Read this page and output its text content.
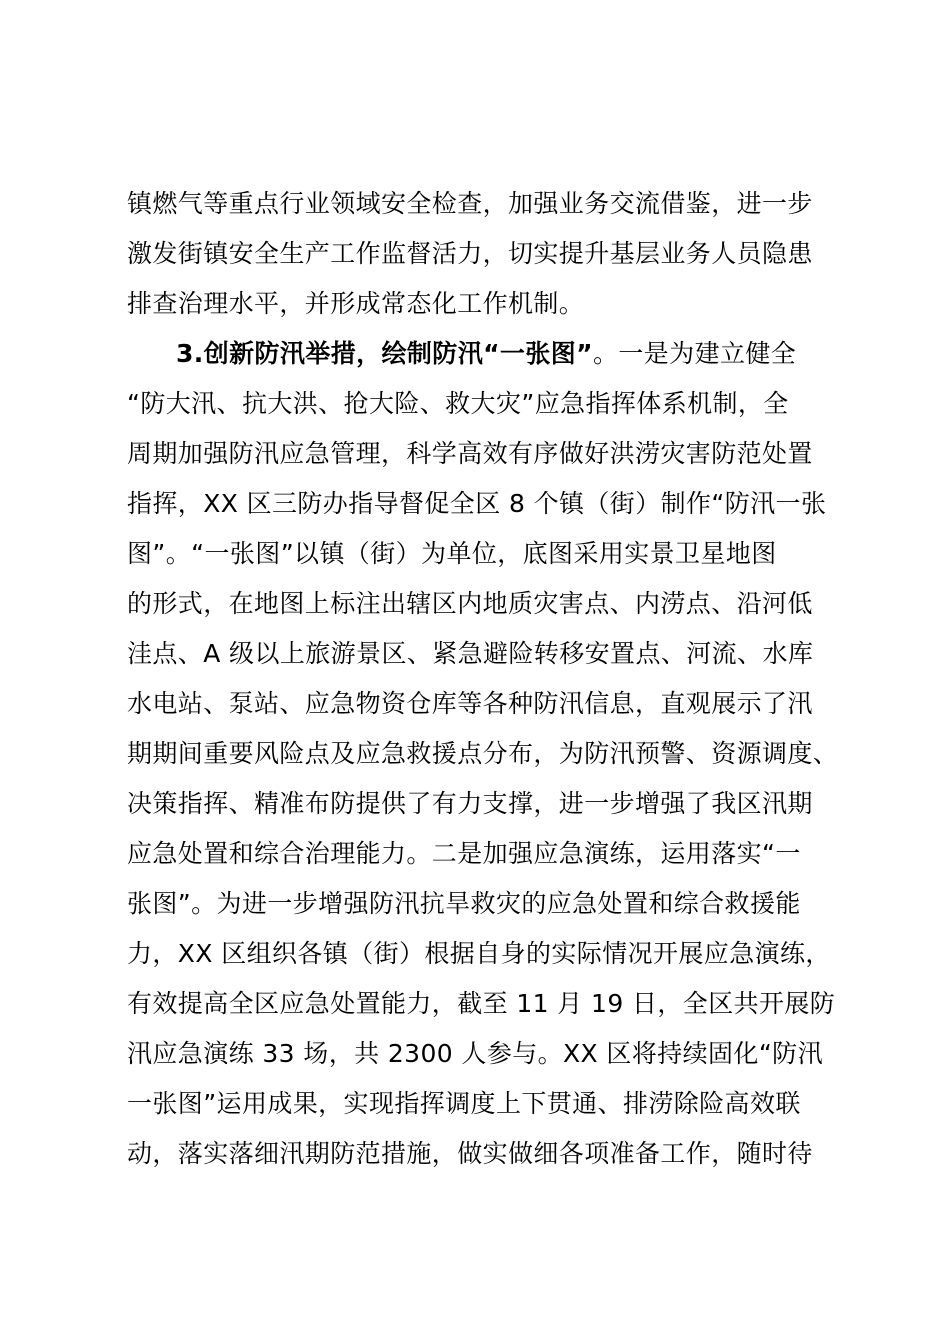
镇燃气等重点行业领域安全检查，加强业务交流借鉴，进一步
激发街镇安全生产工作监督活力，切实提升基层业务人员隐患
排查治理水平，并形成常态化工作机制。
3.创新防汛举措，绘制防汛“一张图”。一是为建立健全
“防大汛、抗大洪、抢大险、救大灾”应急指挥体系机制，全
周期加强防汛应急管理，科学高效有序做好洪涝灾害防范处置
指挥，XX 区三防办指导督促全区 8 个镇（街）制作“防汛一张
图”。“一张图”以镇（街）为单位，底图采用实景卫星地图
的形式，在地图上标注出辖区内地质灾害点、内涝点、沿河低
洼点、A 级以上旅游景区、紧急避险转移安置点、河流、水库
水电站、泵站、应急物资仓库等各种防汛信息，直观展示了汛
期期间重要风险点及应急救援点分布，为防汛预警、资源调度、
决策指挥、精准布防提供了有力支撑，进一步增强了我区汛期
应急处置和综合治理能力。二是加强应急演练，运用落实“一
张图”。为进一步增强防汛抗旱救灾的应急处置和综合救援能
力，XX 区组织各镇（街）根据自身的实际情况开展应急演练，
有效提高全区应急处置能力，截至 11 月 19 日，全区共开展防
汛应急演练 33 场，共 2300 人参与。XX 区将持续固化“防汛
一张图”运用成果，实现指挥调度上下贯通、排涝除险高效联
动，落实落细汛期防范措施，做实做细各项准备工作，随时待
